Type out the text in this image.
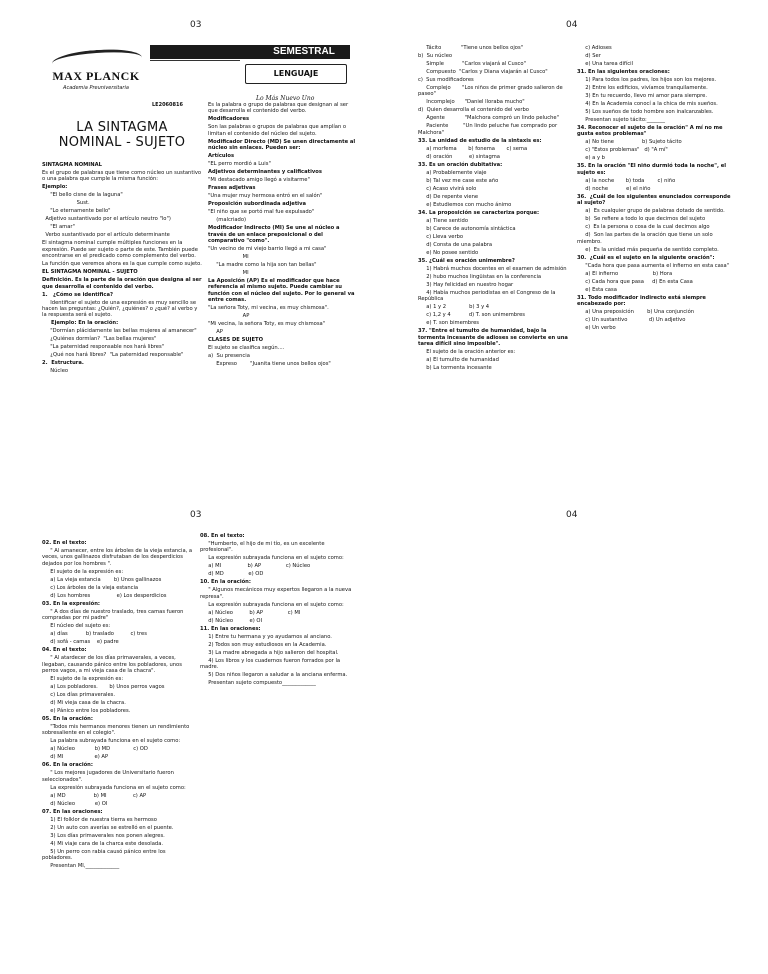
03	04
03	04
MAX PLANCK
Academia Preuniversitaria
SEMESTRAL
LENGUAJE
LE2060816
Lo Más Nuevo Uno
LA SINTAGMA NOMINAL - SUJETO

SINTAGMA NOMINAL

Es el grupo de palabras que tiene como núcleo un sustantivo o una palabra que cumple la misma función:

Ejemplo:

"El bello cisne de la laguna"

Sust.

"Lo eternamente bello"

Adjetivo sustantivado por el artículo neutro "lo")

"El amar"

Verbo sustantivado por el artículo determinante

El sintagma nominal cumple múltiples funciones en la expresión. Puede ser sujeto o parte de este. También puede encontrarse en el predicado como complemento del verbo.

La función que veremos ahora es la que cumple como sujeto.

EL SINTAGMA NOMINAL - SUJETO

Definición. Es la parte de la oración que designa al ser que desarrolla el contenido del verbo.

1.   ¿Cómo se identifica?

Identificar el sujeto de una expresión es muy sencillo se hacen las preguntas: ¿Quién?, ¿quiénes? o ¿qué? al verbo y la respuesta será el sujeto.

Ejemplo: En la oración:

"Dormían plácidamente las bellas mujeres al amanecer"

¿Quiénes dormían?  "Las bellas mujeres"

"La paternidad responsable nos hará libres"

¿Qué nos hará libres?  "La paternidad responsable"

2.  Estructura.

Núcleo

Es la palabra o grupo de palabras que designan al ser que desarrolla el contenido del verbo.

Modificadores

Son las palabras o grupos de palabras que amplían o limitan el contenido del núcleo del sujeto.

Modificador Directo (MD) Se unen directamente al núcleo sin enlaces. Pueden ser:

Artículos

"EL perro mordió a Luis"

Adjetivos determinantes y calificativos

"Mi destacado amigo llegó a visitarme"

Frases adjetivas

"Una mujer muy hermosa entró en el salón"

Proposición subordinada adjetiva

"El niño que se portó mal fue expulsado"

(malcriado)

Modificador Indirecto (MI) Se une al núcleo a través de un enlace preposicional o del comparativo "como".

"Un vecino de mi viejo barrio llegó a mi casa"

MI

"La madre como la hija son tan bellas"

MI

La Aposición (AP) Es el modificador que hace referencia al mismo sujeto. Puede cambiar su función con el núcleo del sujeto. Por lo general va entre comas.

"La señora Toty, mi vecina, es muy chismosa".

AP

"Mi vecina, la señora Toty, es muy chismosa"

AP

CLASES DE SUJETO

El sujeto se clasifica según....

a)  Su presencia

Expreso        "Juanita tiene unos bellos ojos"

Tácito            "Tiene unos bellos ojos"

b)  Su núcleo

Simple           "Carlos viajará al Cusco"

Compuesto  "Carlos y Diana viajarán al Cusco"

c)  Sus modificadores

Complejo       "Los niños de primer grado salieron de paseo"

Incomplejo      "Daniel lloraba mucho"

d)  Quien desarrolla el contenido del verbo

Agente            "Malchora compró un lindo peluche"

Paciente         "Un lindo peluche fue comprado por Malchora"

33. La unidad de estudio de la sintaxis es:

a) morfema       b) fonema       c) sema

d) oración          e) sintagma

33. Es un oración dubitativa:

a) Probablemente viaje

b) Tal vez me case este año

c) Acaso vivirá solo

d) De repente viene

e) Estudiemos con mucho ánimo

34. La proposición se caracteriza porque:

a) Tiene sentido

b) Carece de autonomía sintáctica

c) Lleva verbo

d) Consta de una palabra

e) No posee sentido

35. ¿Cuál es oración unimembre?

1) Habrá muchos docentes en el examen de admisión

2) hubo muchos lingüistas en la conferencia

3) Hay felicidad en nuestro hogar

4) Había muchos periodistas en el Congreso de la República

a) 1 y 2              b) 3 y 4

c) 1,2 y 4           d) T. son unimembres

e) T. son bimembres

37. "Entre el tumulto de humanidad, bajo la tormenta incesante de adioses se convierte en una tarea difícil sino imposible".

El sujeto de la oración anterior es:

a) El tumulto de humanidad

b) La tormenta incesante

c) Adioses

d) Ser

e) Una tarea difícil

31. En las siguientes oraciones:

1) Para todos los padres, los hijos son los mejores.

2) Entre los edificios, vivíamos tranquilamente.

3) En tu recuerdo, llevo mi amor para siempre.

4) En la Academia conocí a la chica de mis sueños.

5) Los sueños de todo hombre son inalcanzables.

Presentan sujeto tácito:_______

34. Reconocer el sujeto de la oración" A mí no me gusta estos problemas"

a) No tiene                 b) Sujeto tácito

c) "Estos problemas"   d) "A mí"

e) a y b

35. En la oración "El niño durmió toda la noche", el sujeto es:

a) la noche       b) toda        c) niño

d) noche           e) el niño

36.  ¿Cuál de los siguientes enunciados corresponde al sujeto?

a)  Es cualquier grupo de palabras dotado de sentido.

b)  Se refiere a todo lo que decimos del sujeto

c)  Es la persona o cosa de la cual decimos algo

d)  Son las partes de la oración que tiene un solo miembro.

e)  Es la unidad más pequeña de sentido completo.

30.  ¿Cuál es el sujeto en la siguiente oración":

"Cada hora que pasa aumenta el infierno en esta casa"

a) El infierno                     b) Hora

c) Cada hora que pasa     d) En esta Casa

e) Esta casa

31. Todo modificador indirecto está siempre encabezado por:

a) Una preposición        b) Una conjunción

c) Un sustantivo             d) Un adjetivo

e) Un verbo

02. En el texto:

" Al amanecer, entre los árboles de la vieja estancia, a veces, unos gallinazos disfrutaban de los desperdicios dejados por los hombres ".

El sujeto de la expresión es:

a) La vieja estancia        b) Unos gallinazos

c) Los árboles de la vieja estancia

d) Los hombres                e) Los desperdicios

03. En la expresión:

" A dos días de nuestro traslado, tres camas fueron compradas por mi padre"

El núcleo del sujeto es:

a) días           b) traslado          c) tres

d) sofá - camas    e) padre

04. En el texto:

" Al atardecer de los días primaverales, a veces, llegaban, causando pánico entre los pobladores, unos perros vagos, a mi vieja casa de la chacra".

El sujeto de la expresión es:

a) Los pobladores.       b) Unos perros vagos

c) Los días primaverales.

d) Mi vieja casa de la chacra.

e) Pánico entre los pobladores.

05. En la oración:

"Todos mis hermanos menores tienen un rendimiento sobresaliente en el colegio".

La palabra subrayada funciona en el sujeto como:

a) Núcleo            b) MD              c) OD

d) MI                   e) AP

06. En la oración:

" Los mejores jugadores de Universitario fueron seleccionados".

La expresión subrayada funciona en el sujeto como:

a) MD                 b) MI                c) AP

d) Núcleo            e) OI

07. En las oraciones:

1) El folklor de nuestra tierra es hermoso

2) Un auto con averías se estrelló en el puente.

3) Los días primaverales nos ponen alegres.

4) Mi viaje cara de la charca este desolada.

5) Un perro con rabia causó pánico entre los pobladores.

Presentan MI,_____________

08. En el texto:

"Humberto, el hijo de mi tío, es un excelente profesional".

La expresión subrayada funciona en el sujeto como:

a) MI                b) AP               c) Núcleo

d) MD               e) OD

10. En la oración:

" Algunos mecánicos muy expertos llegaron a la nueva represa".

La expresión subrayada funciona en el sujeto como:

a) Núcleo          b) AP               c) MI

d) Núcleo          e) OI

11. En las oraciones:

1) Entre tu hermana y yo ayudamos al anciano.

2) Todos son muy estudiosos en la Academia.

3) La madre abnegada a hijo salieron del hospital.

4) Los libros y los cuadernos fueron forrados por la madre.

5) Dos niños llegaron a saludar a la anciana enferma.

Presentan sujeto compuesto_____________
